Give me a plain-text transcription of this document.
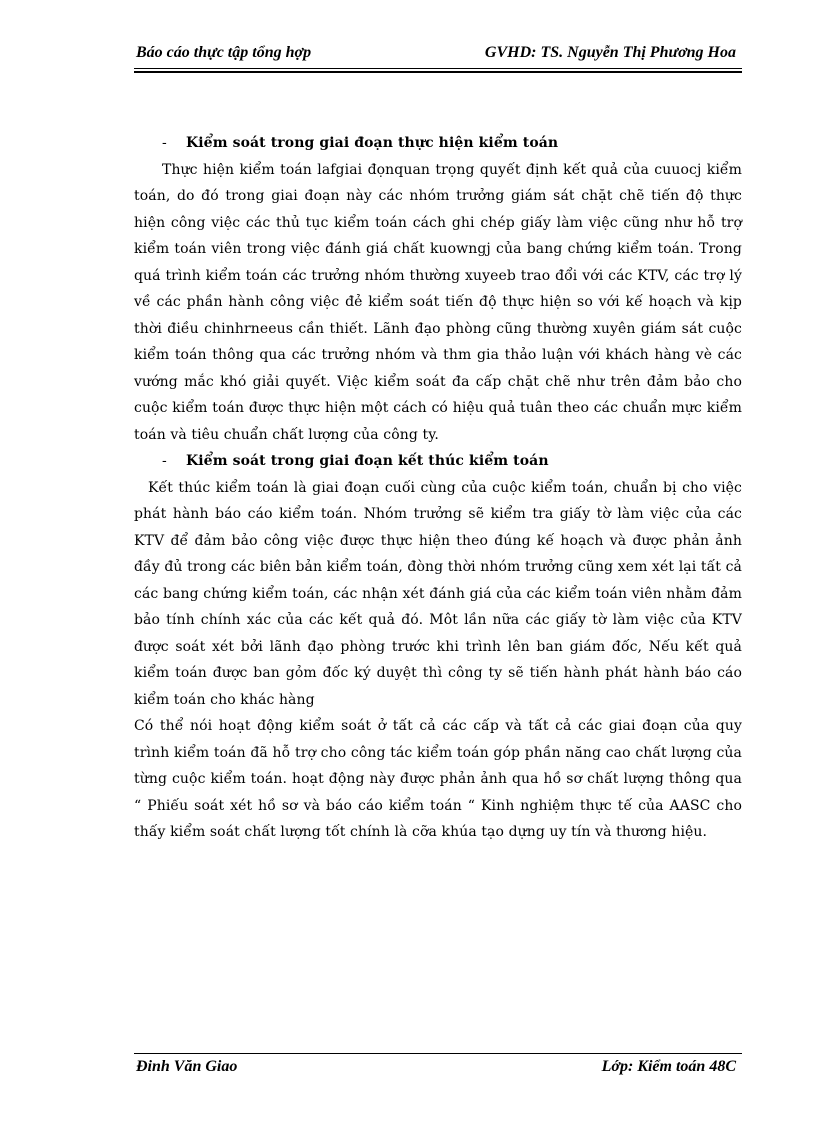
Báo cáo thực tập tổng hợp	GVHD: TS. Nguyễn Thị Phương Hoa
- Kiểm soát trong giai đoạn thực hiện kiểm toán

Thực hiện kiểm toán lafgiai đọnquan trọng quyết định kết quả của cuuocj kiểm toán, do đó trong giai đoạn này các nhóm trưởng giám sát chặt chẽ tiến độ thực hiện công việc các thủ tục kiểm toán cách ghi chép giấy làm việc cũng như hỗ trợ kiểm toán viên trong việc đánh giá chất kuowngj của bang chứng kiểm toán. Trong quá trình kiểm toán các trưởng nhóm thường xuyeeb trao đổi với các KTV, các trợ lý về các phần hành công việc đẻ kiểm soát tiến độ thực hiện so với kế hoạch và kịp thời điều chinhrneeus cần thiết. Lãnh đạo phòng cũng thường xuyên giám sát cuộc kiểm toán thông qua các trưởng nhóm và thm gia thảo luận với khách hàng vè các vướng mắc khó giải quyết. Việc kiểm soát đa cấp chặt chẽ như trên đảm bảo cho cuộc kiểm toán được thực hiện một cách có hiệu quả tuân theo các chuẩn mực kiểm toán và tiêu chuẩn chất lượng của công ty.

- Kiểm soát trong giai đoạn kết thúc kiểm toán

Kết thúc kiểm toán là giai đoạn cuối cùng của cuộc kiểm toán, chuẩn bị cho việc phát hành báo cáo kiểm toán. Nhóm trưởng sẽ kiểm tra giấy tờ làm việc của các KTV để đảm bảo công việc được thực hiện theo đúng kế hoạch và được phản ảnh đầy đủ trong các biên bản kiểm toán, đòng thời nhóm trưởng cũng xem xét lại tất cả các bang chứng kiểm toán, các nhận xét đánh giá của các kiểm toán viên nhằm đảm bảo tính chính xác của các kết quả đó. Môt lần nữa các giấy tờ làm việc của KTV được soát xét bởi lãnh đạo phòng trước khi trình lên ban giám đốc, Nếu kết quả kiểm toán được ban gỏm đốc ký duyệt thì công ty sẽ tiến hành phát hành báo cáo kiểm toán cho khác hàng

Có thể nói hoạt động kiểm soát ở tất cả các cấp và tất cả các giai đoạn của quy trình kiểm toán đã hỗ trợ cho công tác kiểm toán góp phần năng cao chất lượng của từng cuộc kiểm toán. hoạt động này được phản ảnh qua hồ sơ chất lượng thông qua “ Phiếu soát xét hồ sơ và báo cáo kiểm toán “ Kinh nghiệm thực tế của AASC cho thấy kiểm soát chất lượng tốt chính là cỡa khúa tạo dựng uy tín và thương hiệu.

Đinh Văn Giao	Lớp: Kiểm toán 48C
